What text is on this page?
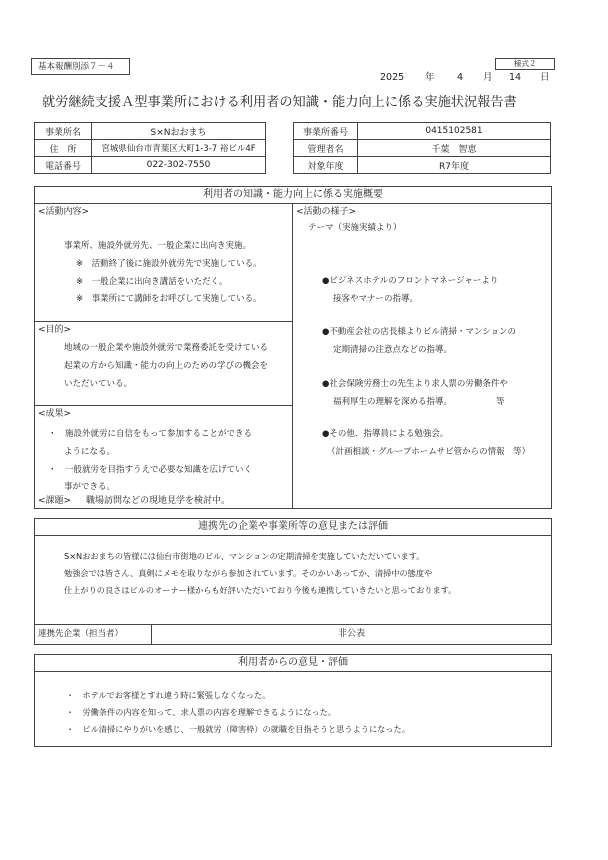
基本報酬別添７－４	様式２
2025 年 4 月 14 日
就労継続支援Ａ型事業所における利用者の知識・能力向上に係る実施状況報告書
事業所名	S×Nおおまち
住　所	宮城県仙台市青葉区大町1-3-7 裕ビル4F
電話番号	022-302-7550
事業所番号	0415102581
管理者名	千葉　智恵
対象年度	R7年度
利用者の知識・能力向上に係る実施概要
<活動内容>
事業所、施設外就労先、一般企業に出向き実施。
※　活動終了後に施設外就労先で実施している。
※　一般企業に出向き講話をいただく。
※　事業所にて講師をお呼びして実施している。
<目的>
地域の一般企業や施設外就労で業務委託を受けている
起業の方から知識・能力の向上のための学びの機会を
いただいている。
<成果>
・　施設外就労に自信をもって参加することができる
ようになる。
・　一般就労を目指すうえで必要な知識を広げていく
事ができる。
<課題> 職場訪問などの現地見学を検討中。
<活動の様子>
テーマ（実施実績より）
●ビジネスホテルのフロントマネージャーより
接客やマナーの指導。
●不動産会社の店長様よりビル清掃・マンションの
定期清掃の注意点などの指導。
●社会保険労務士の先生より求人票の労働条件や
福利厚生の理解を深める指導。	等
●その他、指導員による勉強会。
（計画相談・グループホームサビ管からの情報　等）
連携先の企業や事業所等の意見または評価
S×Nおおまちの皆様には仙台市街地のビル、マンションの定期清掃を実施していただいています。
勉強会では皆さん、真剣にメモを取りながら参加されています。そのかいあってか、清掃中の態度や
仕上がりの良さはビルのオーナー様からも好評いただいており今後も連携していきたいと思っております。
連携先企業（担当者）	非公表
利用者からの意見・評価
・　ホテルでお客様とすれ違う時に緊張しなくなった。
・　労働条件の内容を知って、求人票の内容を理解できるようになった。
・　ビル清掃にやりがいを感じ、一般就労（障害枠）の就職を目指そうと思うようになった。
